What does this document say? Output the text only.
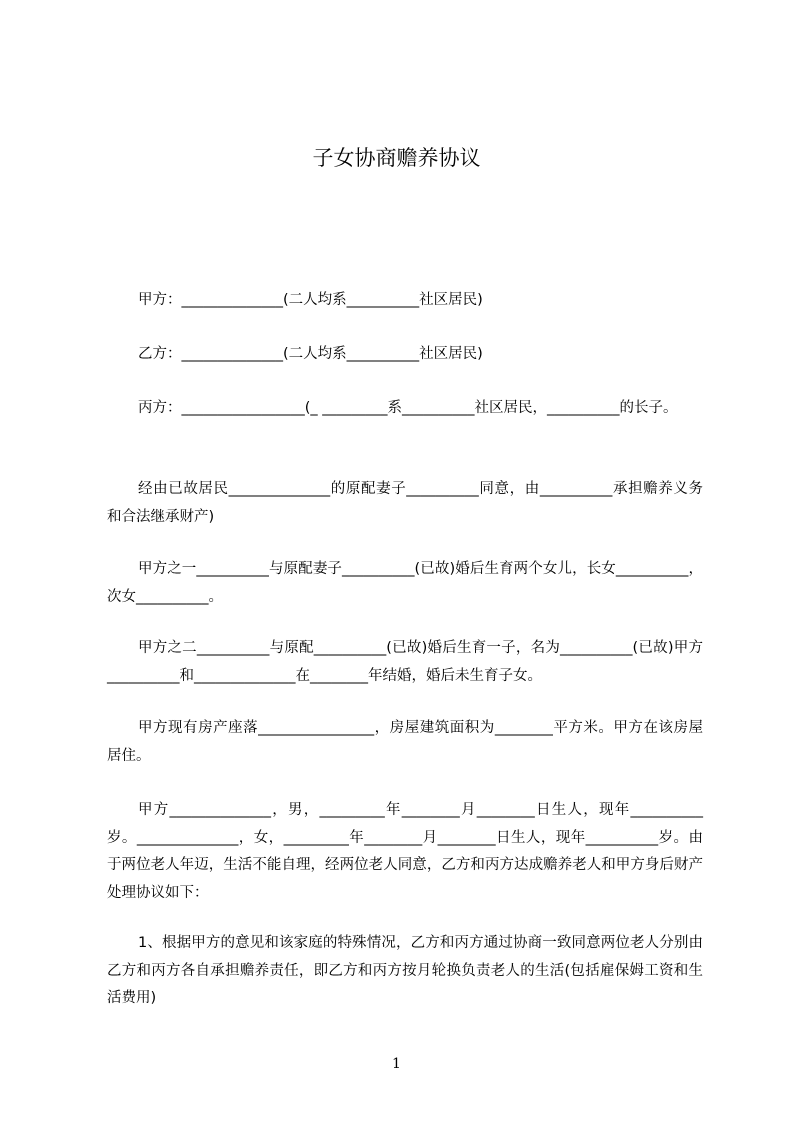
子女协商赡养协议

甲方：______________(二人均系__________社区居民)

乙方：______________(二人均系__________社区居民)

丙方：_________________(_ _________系__________社区居民，__________的长子。

经由已故居民______________的原配妻子__________同意，由__________承担赡养义务和合法继承财产)

甲方之一__________与原配妻子__________(已故)婚后生育两个女儿，长女__________，次女__________。

甲方之二__________与原配__________(已故)婚后生育一子，名为__________(已故)甲方__________和______________在________年结婚，婚后未生育子女。

甲方现有房产座落________________，房屋建筑面积为________平方米。甲方在该房屋居住。

甲方______________，男，_________年________月________日生人，现年__________岁。______________，女，_________年________月________日生人，现年__________岁。由于两位老人年迈，生活不能自理，经两位老人同意，乙方和丙方达成赡养老人和甲方身后财产处理协议如下：

1、根据甲方的意见和该家庭的特殊情况，乙方和丙方通过协商一致同意两位老人分别由乙方和丙方各自承担赡养责任，即乙方和丙方按月轮换负责老人的生活(包括雇保姆工资和生活费用)

1
